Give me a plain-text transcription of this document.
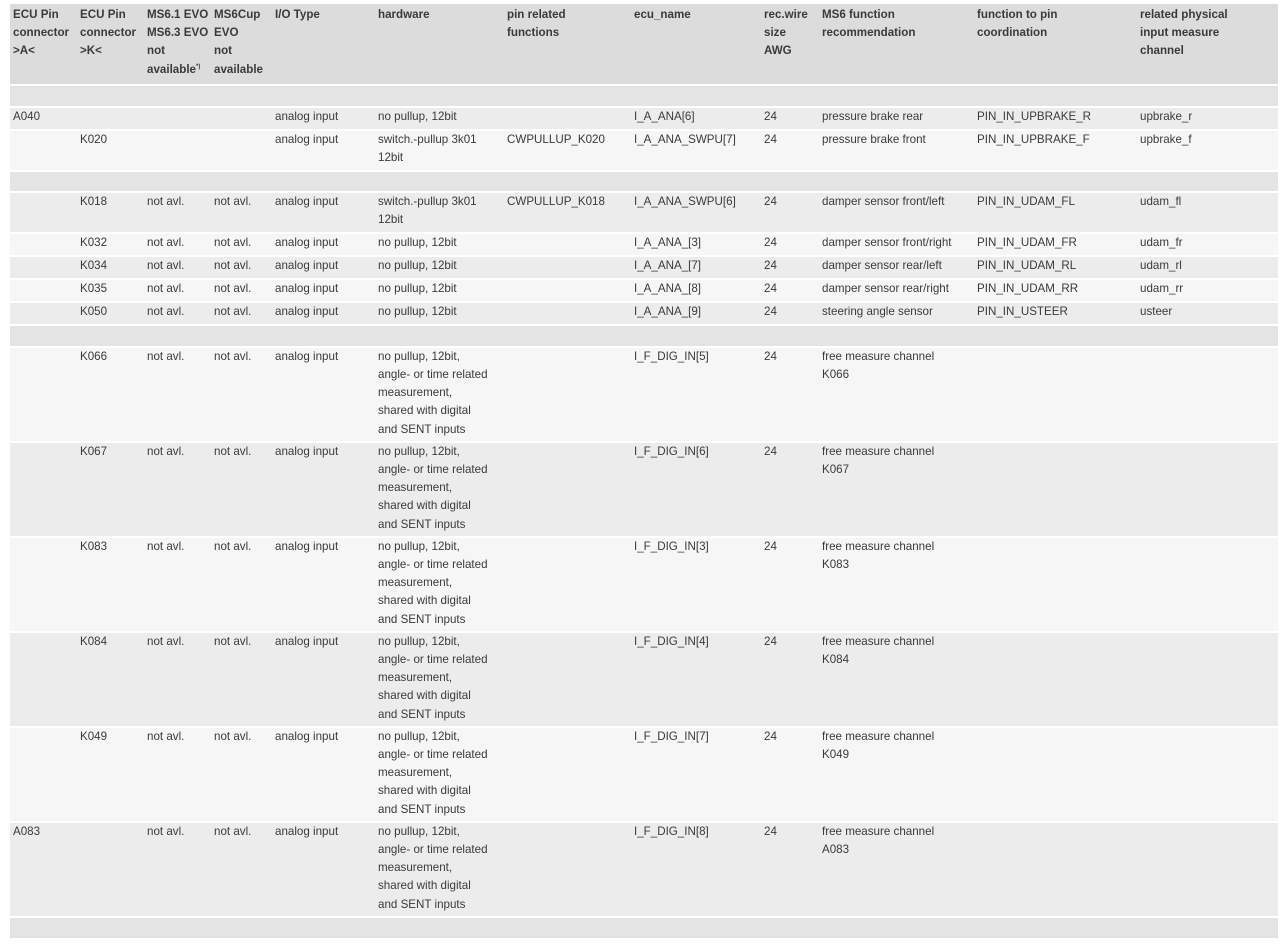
ECU Pin
connector
>A<	ECU Pin
connector
>K<	MS6.1 EVO
MS6.3 EVO
not
available*)	MS6Cup
EVO
not
available	I/O Type	hardware	pin related
functions	ecu_name	rec.wire
size
AWG	MS6 function
recommendation	function to pin
coordination	related physical
input measure
channel

A040				analog input	no pullup, 12bit		I_A_ANA[6]	24	pressure brake rear	PIN_IN_UPBRAKE_R	upbrake_r

	K020			analog input	switch.-pullup 3k01
12bit	CWPULLUP_K020	I_A_ANA_SWPU[7]	24	pressure brake front	PIN_IN_UPBRAKE_F	upbrake_f

	K018	not avl.	not avl.	analog input	switch.-pullup 3k01
12bit	CWPULLUP_K018	I_A_ANA_SWPU[6]	24	damper sensor front/left	PIN_IN_UDAM_FL	udam_fl

	K032	not avl.	not avl.	analog input	no pullup, 12bit		I_A_ANA_[3]	24	damper sensor front/right	PIN_IN_UDAM_FR	udam_fr

	K034	not avl.	not avl.	analog input	no pullup, 12bit		I_A_ANA_[7]	24	damper sensor rear/left	PIN_IN_UDAM_RL	udam_rl

	K035	not avl.	not avl.	analog input	no pullup, 12bit		I_A_ANA_[8]	24	damper sensor rear/right	PIN_IN_UDAM_RR	udam_rr

	K050	not avl.	not avl.	analog input	no pullup, 12bit		I_A_ANA_[9]	24	steering angle sensor	PIN_IN_USTEER	usteer

	K066	not avl.	not avl.	analog input	no pullup, 12bit,
angle- or time related
measurement,
shared with digital
and SENT inputs		I_F_DIG_IN[5]	24	free measure channel
K066		

	K067	not avl.	not avl.	analog input	no pullup, 12bit,
angle- or time related
measurement,
shared with digital
and SENT inputs		I_F_DIG_IN[6]	24	free measure channel
K067		

	K083	not avl.	not avl.	analog input	no pullup, 12bit,
angle- or time related
measurement,
shared with digital
and SENT inputs		I_F_DIG_IN[3]	24	free measure channel
K083		

	K084	not avl.	not avl.	analog input	no pullup, 12bit,
angle- or time related
measurement,
shared with digital
and SENT inputs		I_F_DIG_IN[4]	24	free measure channel
K084		

	K049	not avl.	not avl.	analog input	no pullup, 12bit,
angle- or time related
measurement,
shared with digital
and SENT inputs		I_F_DIG_IN[7]	24	free measure channel
K049		

A083		not avl.	not avl.	analog input	no pullup, 12bit,
angle- or time related
measurement,
shared with digital
and SENT inputs		I_F_DIG_IN[8]	24	free measure channel
A083		
